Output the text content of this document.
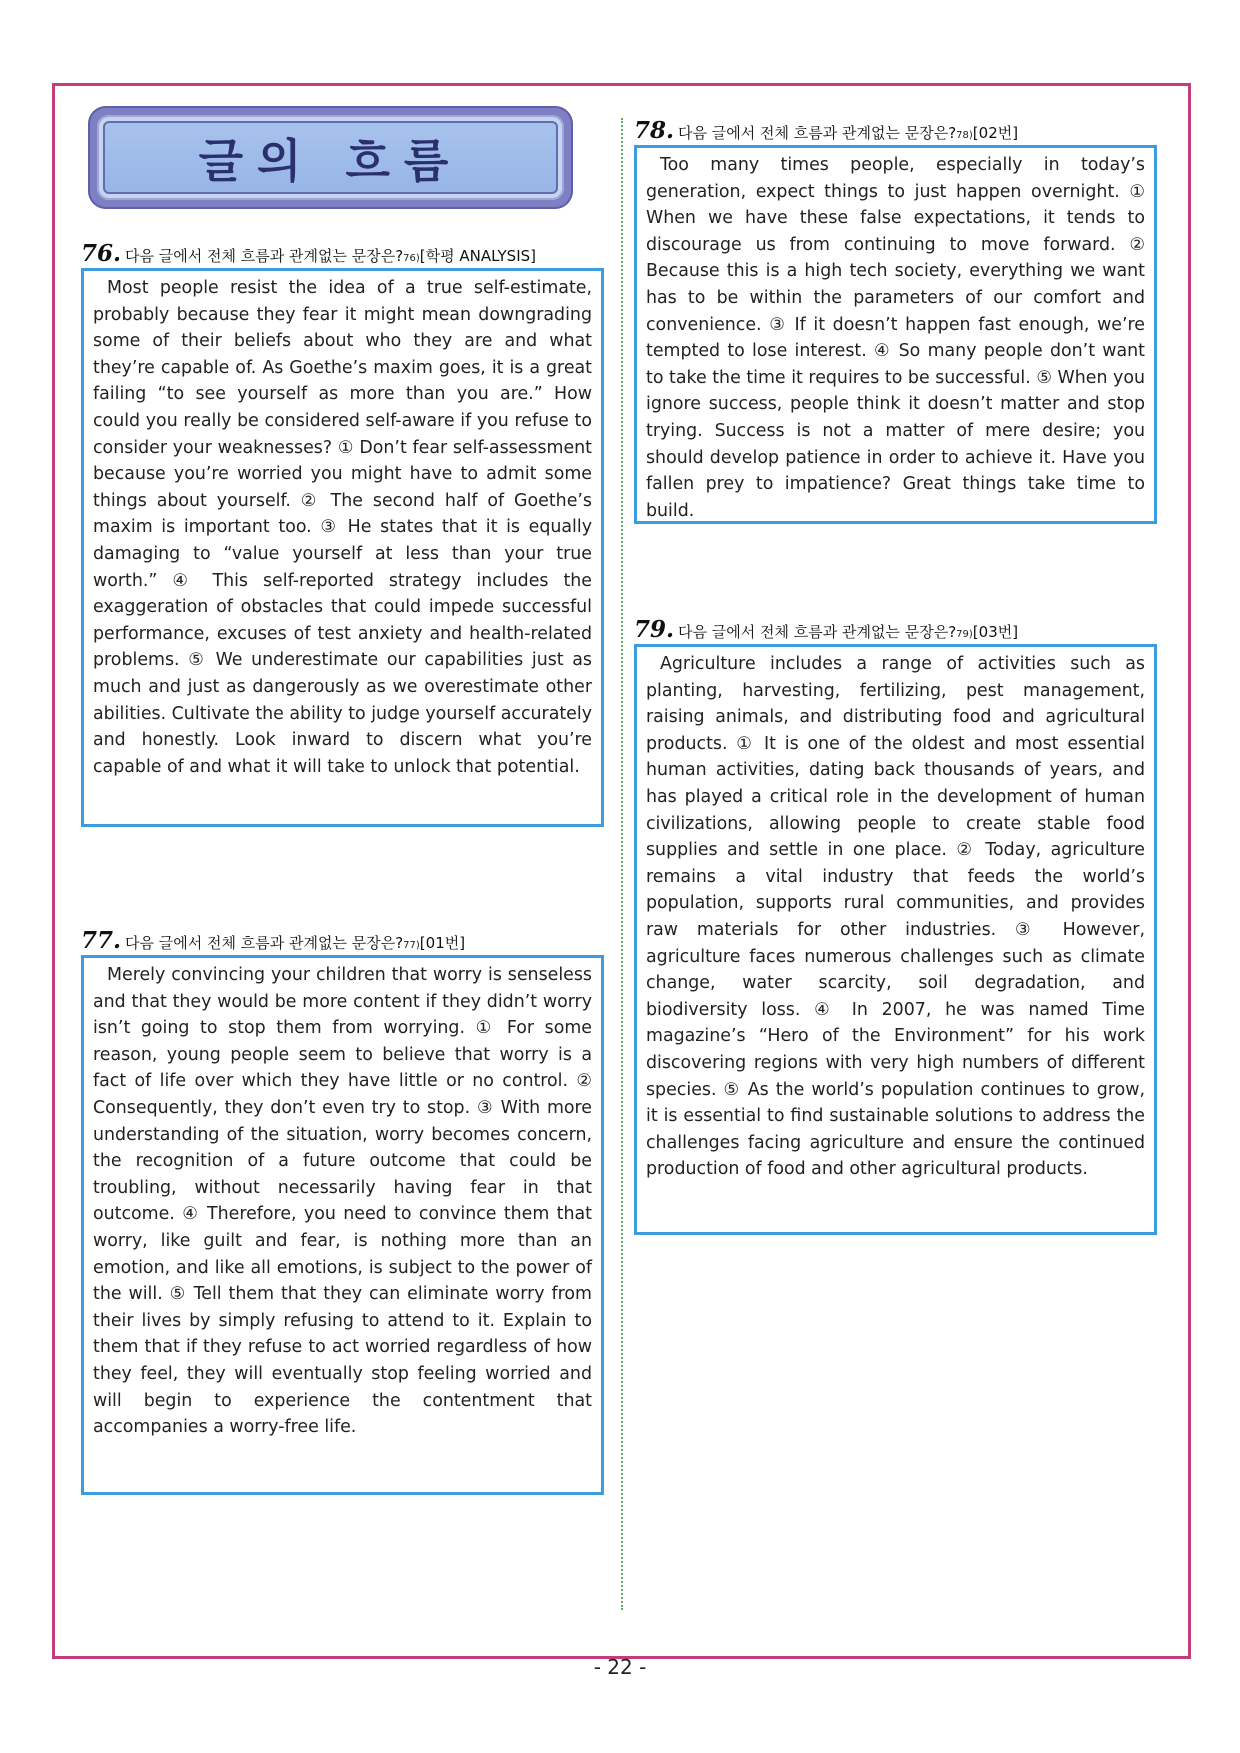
글의 흐름
76. 다음 글에서 전체 흐름과 관계없는 문장은? 76) [학평 ANALYSIS]

Most people resist the idea of a true self-estimate, probably because they fear it might mean downgrading some of their beliefs about who they are and what they’re capable of. As Goethe’s maxim goes, it is a great failing “to see yourself as more than you are.” How could you really be considered self-aware if you refuse to consider your weaknesses? ① Don’t fear self-assessment because you’re worried you might have to admit some things about yourself. ② The second half of Goethe’s maxim is important too. ③ He states that it is equally damaging to “value yourself at less than your true worth.” ④ This self-reported strategy includes the exaggeration of obstacles that could impede successful performance, excuses of test anxiety and health-related problems. ⑤ We underestimate our capabilities just as much and just as dangerously as we overestimate other abilities. Cultivate the ability to judge yourself accurately and honestly. Look inward to discern what you’re capable of and what it will take to unlock that potential.

77. 다음 글에서 전체 흐름과 관계없는 문장은? 77) [01번]

Merely convincing your children that worry is senseless and that they would be more content if they didn’t worry isn’t going to stop them from worrying. ① For some reason, young people seem to believe that worry is a fact of life over which they have little or no control. ② Consequently, they don’t even try to stop. ③ With more understanding of the situation, worry becomes concern, the recognition of a future outcome that could be troubling, without necessarily having fear in that outcome. ④ Therefore, you need to convince them that worry, like guilt and fear, is nothing more than an emotion, and like all emotions, is subject to the power of the will. ⑤ Tell them that they can eliminate worry from their lives by simply refusing to attend to it. Explain to them that if they refuse to act worried regardless of how they feel, they will eventually stop feeling worried and will begin to experience the contentment that accompanies a worry-free life.

78. 다음 글에서 전체 흐름과 관계없는 문장은? 78) [02번]

Too many times people, especially in today’s generation, expect things to just happen overnight. ① When we have these false expectations, it tends to discourage us from continuing to move forward. ② Because this is a high tech society, everything we want has to be within the parameters of our comfort and convenience. ③ If it doesn’t happen fast enough, we’re tempted to lose interest. ④ So many people don’t want to take the time it requires to be successful. ⑤ When you ignore success, people think it doesn’t matter and stop trying. Success is not a matter of mere desire; you should develop patience in order to achieve it. Have you fallen prey to impatience? Great things take time to build.

79. 다음 글에서 전체 흐름과 관계없는 문장은? 79) [03번]

Agriculture includes a range of activities such as planting, harvesting, fertilizing, pest management, raising animals, and distributing food and agricultural products. ① It is one of the oldest and most essential human activities, dating back thousands of years, and has played a critical role in the development of human civilizations, allowing people to create stable food supplies and settle in one place. ② Today, agriculture remains a vital industry that feeds the world’s population, supports rural communities, and provides raw materials for other industries. ③ However, agriculture faces numerous challenges such as climate change, water scarcity, soil degradation, and biodiversity loss. ④ In 2007, he was named Time magazine’s “Hero of the Environment” for his work discovering regions with very high numbers of different species. ⑤ As the world’s population continues to grow, it is essential to find sustainable solutions to address the challenges facing agriculture and ensure the continued production of food and other agricultural products.

- 22 -
